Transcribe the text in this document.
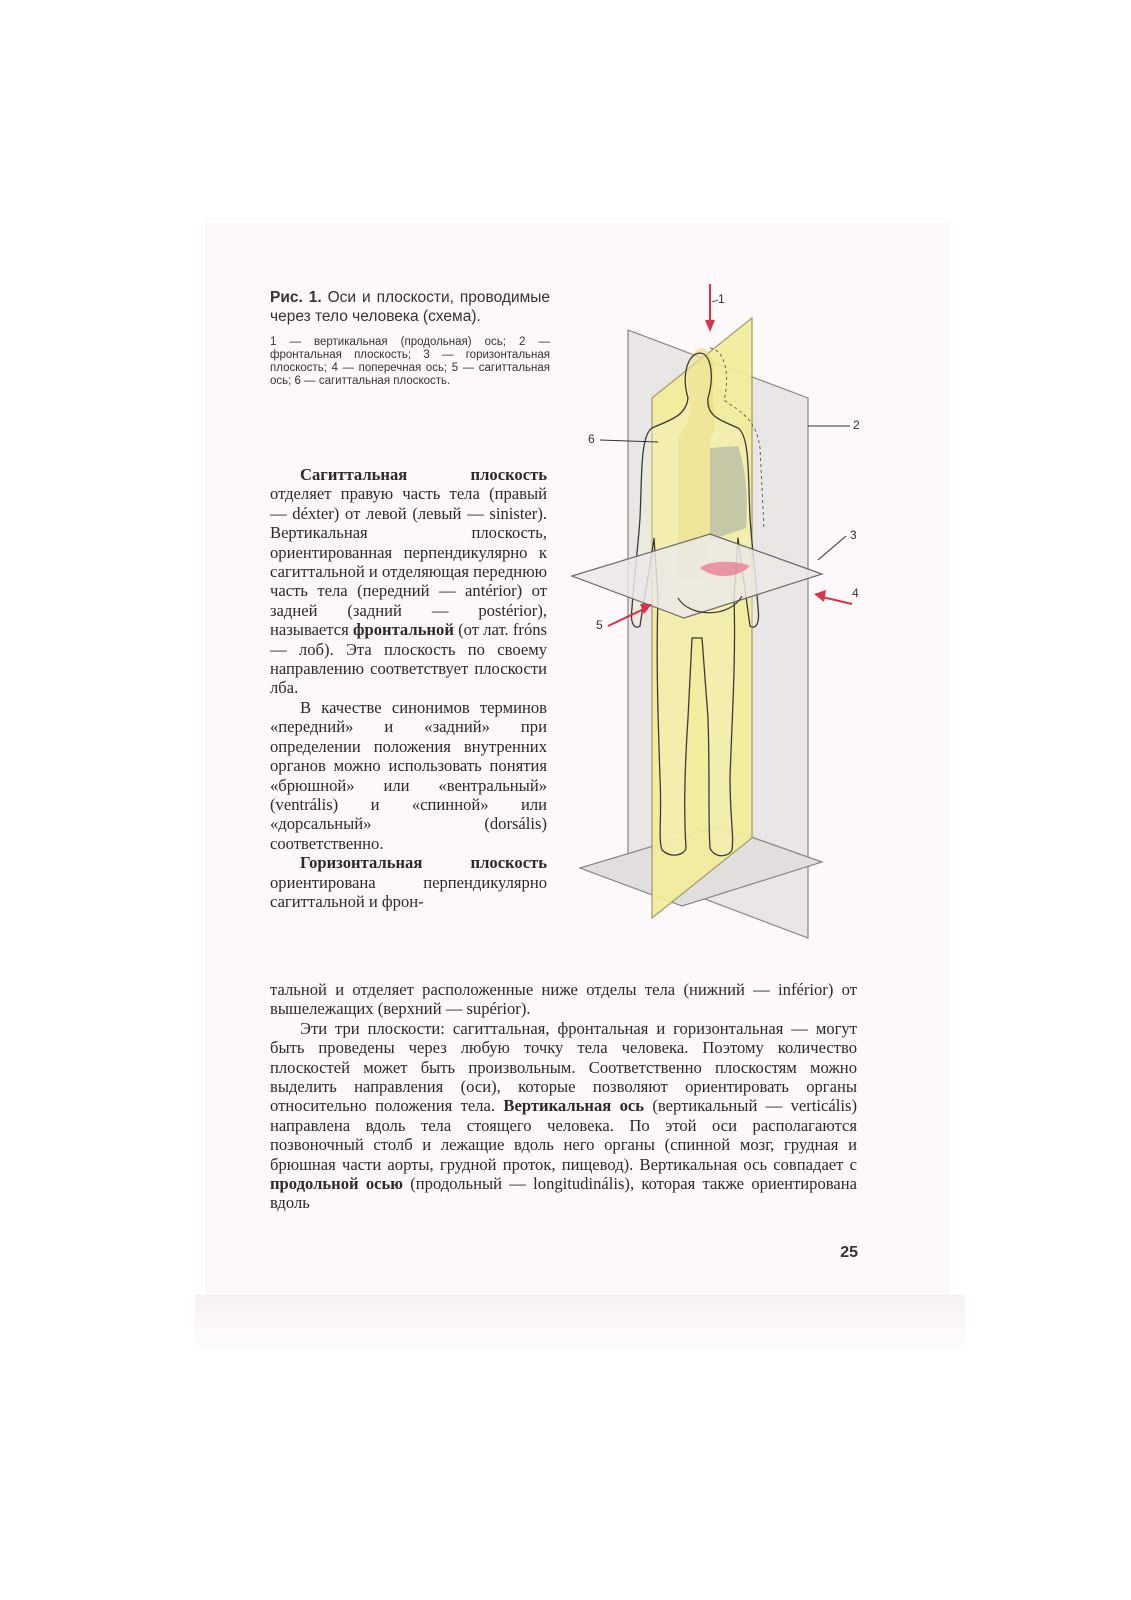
Рис. 1. Оси и плоскости, проводимые через тело человека (схема).
1 — вертикальная (продольная) ось; 2 — фронтальная плоскость; 3 — горизонтальная плоскость; 4 — поперечная ось; 5 — сагиттальная ось; 6 — сагиттальная плоскость.
1
2
3
4
5
6

Сагиттальная плоскость отделяет правую часть тела (правый — déxter) от левой (левый — sinister). Вертикальная плоскость, ориентированная перпендикулярно к сагиттальной и отделяющая переднюю часть тела (передний — antérior) от задней (задний — postérior), называется фронтальной (от лат. fróns — лоб). Эта плоскость по своему направлению соответствует плоскости лба.

В качестве синонимов терминов «передний» и «задний» при определении положения внутренних органов можно использовать понятия «брюшной» или «вентральный» (ventrális) и «спинной» или «дорсальный» (dorsális) соответственно.

Горизонтальная плоскость ориентирована перпендикулярно сагиттальной и фрон-

тальной и отделяет расположенные ниже отделы тела (нижний — inférior) от вышележащих (верхний — supérior).

Эти три плоскости: сагиттальная, фронтальная и горизонтальная — могут быть проведены через любую точку тела человека. Поэтому количество плоскостей может быть произвольным. Соответственно плоскостям можно выделить направления (оси), которые позволяют ориентировать органы относительно положения тела. Вертикальная ось (вертикальный — verticális) направлена вдоль тела стоящего человека. По этой оси располагаются позвоночный столб и лежащие вдоль него органы (спинной мозг, грудная и брюшная части аорты, грудной проток, пищевод). Вертикальная ось совпадает с продольной осью (продольный — longitudinális), которая также ориентирована вдоль

25
